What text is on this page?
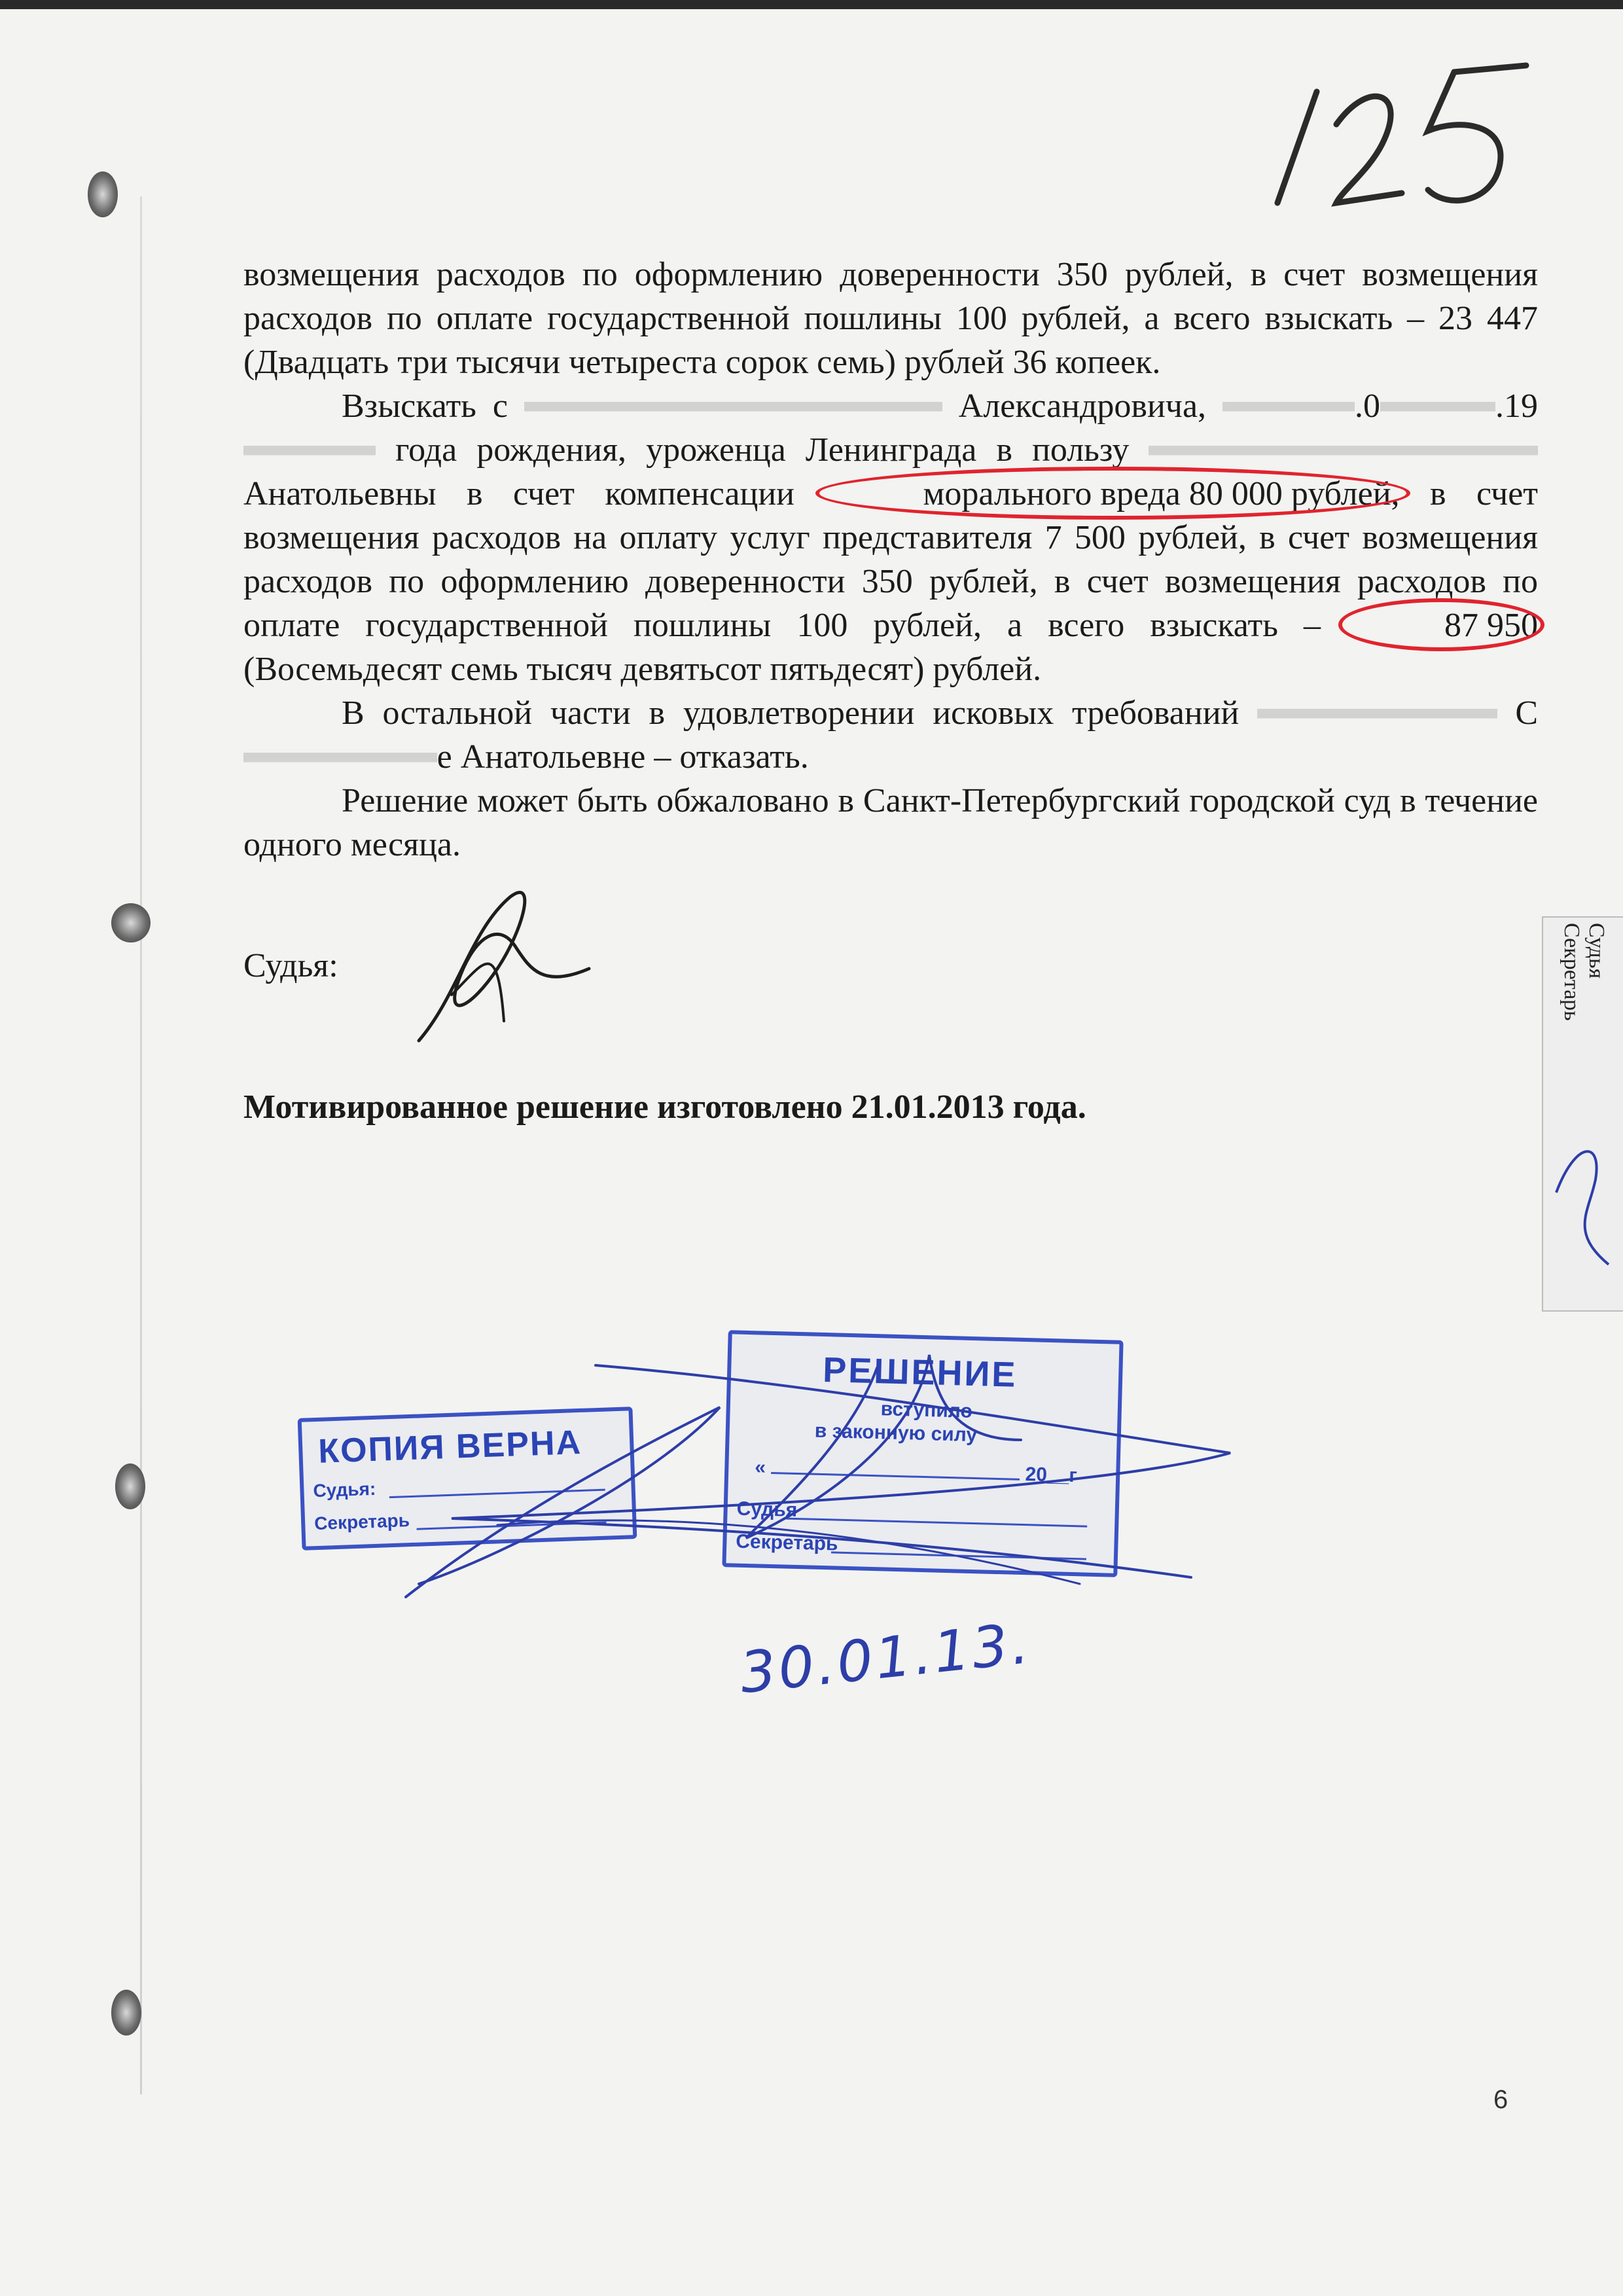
возмещения расходов по оформлению доверенности 350 рублей, в счет возмещения расходов по оплате государственной пошлины 100 рублей, а всего взыскать – 23 447 (Двадцать три тысячи четыреста сорок семь) рублей 36 копеек.

Взыскать с	Александровича,	.0	.19 года рождения, уроженца Ленинграда в пользу  Анатольевны в счет компенсации	морального вреда 80 000 рублей, в счет возмещения расходов на оплату услуг представителя 7 500 рублей, в счет возмещения расходов по оформлению доверенности 350 рублей, в счет возмещения расходов по оплате государственной пошлины 100 рублей, а всего взыскать –	87 950
(Восемьдесят семь тысяч девятьсот пятьдесят) рублей.

В остальной части в удовлетворении исковых требований	Се Анатольевне – отказать.

Решение может быть обжаловано в Санкт-Петербургский городской суд в течение одного месяца.

Судья:
Мотивированное решение изготовлено 21.01.2013 года.
Судья
Секретарь
КОПИЯ ВЕРНА
Судья:
Секретарь
РЕШЕНИЕ
вступило
в законную силу
«	20__г
Судья
Секретарь
30.01.13.
6
